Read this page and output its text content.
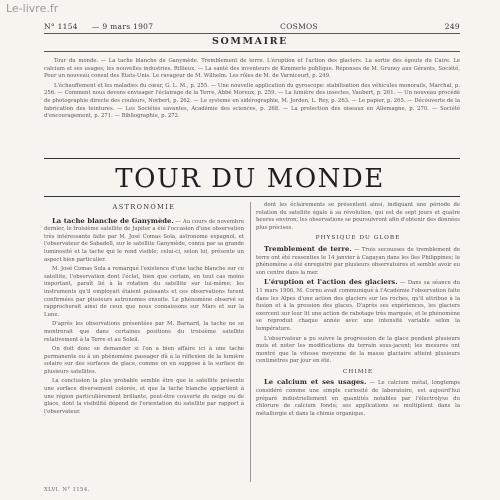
Le-livre.fr
N° 1154 — 9 mars 1907	COSMOS	249
SOMMAIRE

Tour du monde. — La tache blanche de Ganymède. Tremblement de terre. L'éruption et l'action des glaciers. La sortie des égouts du Caire. Le calcium et ses usages; les nouvelles industries. Rillieux. — La santé des inventeurs de Kimmerle publique. Réponses de M. Gruney aux Gérants, Société, Pour un nouveau consul des États-Unis. Le ravageur de M. Wilhelm. Les rôles de M. de Varnicourt, p. 249.

L'échauffement et les maladies du cœur, G. L. M., p. 255. — Une nouvelle application du gyroscope: stabilisation des véhicules monorails, Marchal, p. 256. — Comment nous devons envisager l'éclairage de la Terre, Abbé Moreux, p. 259. — La lumière des insectes, Vaubert, p. 261. — Un nouveau procédé de photographie directe des couleurs, Norbert, p. 262. — Le systeme en sidérographie, M. Jorden, L. Rey, p. 263. — Le papier, p. 265. — Découverte de la fabrication des teintures. — Les Sociétés savantes, Académie des sciences, p. 268. — La protection des oiseaux en Allemagne, p. 270. — Société d'encouragement, p. 271. — Bibliographie, p. 272.

TOUR DU MONDE
ASTRONOMIE

La tache blanche de Ganymède. — Au cours de novembre dernier, le troisième satellite de Jupiter a été l'occasion d'une observation très intéressante faite par M. José Comas Sola, astronome espagnol, et l'observateur de Sabadell, sur le satellite Ganymède, connu par sa grande luminosité et la tache qui le rend visible; celui-ci, selon lui, présente un aspect bien particulier.

M. José Comas Sola a remarqué l'existence d'une tache blanche sur ce satellite, l'observation dont l'éclat, bien que certain, en tout cas moins important, paraît lié à la rotation du satellite sur lui-même; les instruments qu'il employait étaient puissants et ces observations furent confirmées par plusieurs astronomes ensuite. Le phénomène observé se rapprocherait ainsi de ceux que nous connaissons sur Mars et sur la Lune.

D'après les observations présentées par M. Barnard, la tache ne se montrerait que dans certaines positions du troisième satellite relativement à la Terre et au Soleil.

On doit donc se demander si l'on a bien affaire ici à une tache permanente ou à un phénomène passager dû à la réflexion de la lumière solaire sur des surfaces de glace, comme on en suppose à la surface de plusieurs satellites.

La conclusion la plus probable semble être que le satellite présente une surface diversement colorée, et que la tache blanche appartient à une région particulièrement brillante, peut-être couverte de neige ou de glace, dont la visibilité dépend de l'orientation du satellite par rapport à l'observateur.

dont les éclairements se présentent ainsi, indiquant une période de rotation du satellite égale à sa révolution, qui est de sept jours et quatre heures environ; les observations se poursuivront afin d'obtenir des données plus précises.

PHYSIQUE DU GLOBE

Tremblement de terre. — Trois secousses de tremblement de terre ont été ressenties le 14 janvier à Cagayan dans les îles Philippines; le phénomène a été enregistré par plusieurs observatoires et semble avoir eu son centre dans la mer.

L'éruption et l'action des glaciers. — Dans sa séance du 11 mars 1906, M. Cornu avait communiqué à l'Académie l'observation faite dans les Alpes d'une action des glaciers sur les roches, qu'il attribue à la fusion et à la pression des glaces. D'après ses expériences, les glaciers exercent sur leur lit une action de rabotage très marquée, et le phénomène se reproduit chaque année avec une intensité variable selon la température.

L'observateur a pu suivre la progression de la glace pendant plusieurs mois et noter les modifications du terrain sous-jacent; les mesures ont montré que la vitesse moyenne de la masse glaciaire atteint plusieurs centimètres par jour en été.

CHIMIE

Le calcium et ses usages. — Le calcium métal, longtemps considéré comme une simple curiosité de laboratoire, est aujourd'hui préparé industriellement en quantités notables par l'électrolyse du chlorure de calcium fondu; ses applications se multiplient dans la métallurgie et dans la chimie organique.

XLVI. N° 1154.
